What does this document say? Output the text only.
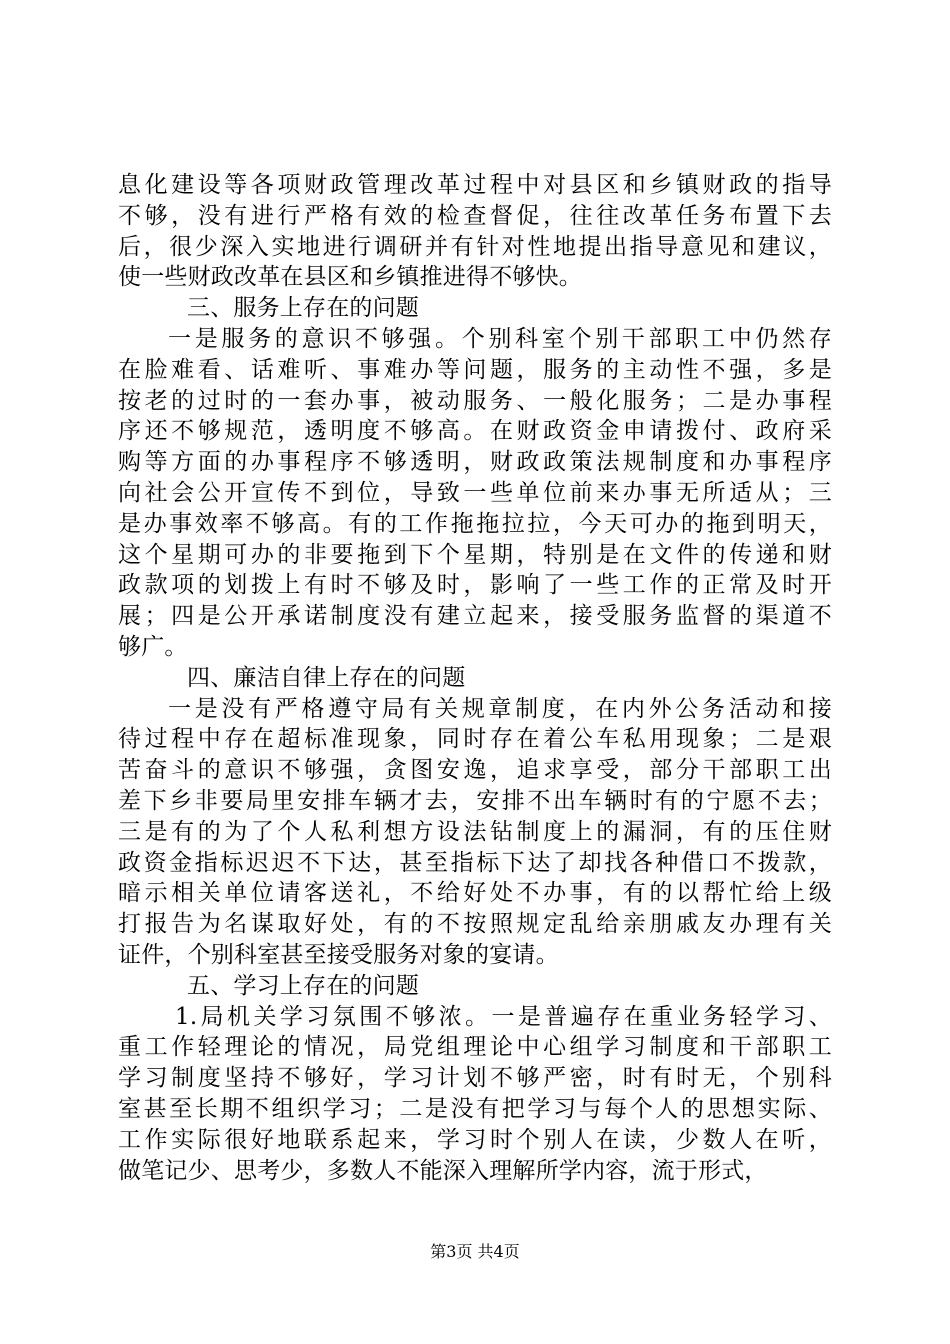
息化建设等各项财政管理改革过程中对县区和乡镇财政的指导
不够，没有进行严格有效的检查督促，往往改革任务布置下去
后，很少深入实地进行调研并有针对性地提出指导意见和建议，
使一些财政改革在县区和乡镇推进得不够快。
三、服务上存在的问题
一是服务的意识不够强。个别科室个别干部职工中仍然存
在脸难看、话难听、事难办等问题，服务的主动性不强，多是
按老的过时的一套办事，被动服务、一般化服务；二是办事程
序还不够规范，透明度不够高。在财政资金申请拨付、政府采
购等方面的办事程序不够透明，财政政策法规制度和办事程序
向社会公开宣传不到位，导致一些单位前来办事无所适从；三
是办事效率不够高。有的工作拖拖拉拉，今天可办的拖到明天，
这个星期可办的非要拖到下个星期，特别是在文件的传递和财
政款项的划拨上有时不够及时，影响了一些工作的正常及时开
展；四是公开承诺制度没有建立起来，接受服务监督的渠道不
够广。
四、廉洁自律上存在的问题
一是没有严格遵守局有关规章制度，在内外公务活动和接
待过程中存在超标准现象，同时存在着公车私用现象；二是艰
苦奋斗的意识不够强，贪图安逸，追求享受，部分干部职工出
差下乡非要局里安排车辆才去，安排不出车辆时有的宁愿不去；
三是有的为了个人私利想方设法钻制度上的漏洞，有的压住财
政资金指标迟迟不下达，甚至指标下达了却找各种借口不拨款，
暗示相关单位请客送礼，不给好处不办事，有的以帮忙给上级
打报告为名谋取好处，有的不按照规定乱给亲朋戚友办理有关
证件，个别科室甚至接受服务对象的宴请。
五、学习上存在的问题
1.局机关学习氛围不够浓。一是普遍存在重业务轻学习、
重工作轻理论的情况，局党组理论中心组学习制度和干部职工
学习制度坚持不够好，学习计划不够严密，时有时无，个别科
室甚至长期不组织学习；二是没有把学习与每个人的思想实际、
工作实际很好地联系起来，学习时个别人在读，少数人在听，
做笔记少、思考少，多数人不能深入理解所学内容，流于形式，
第3页 共4页
